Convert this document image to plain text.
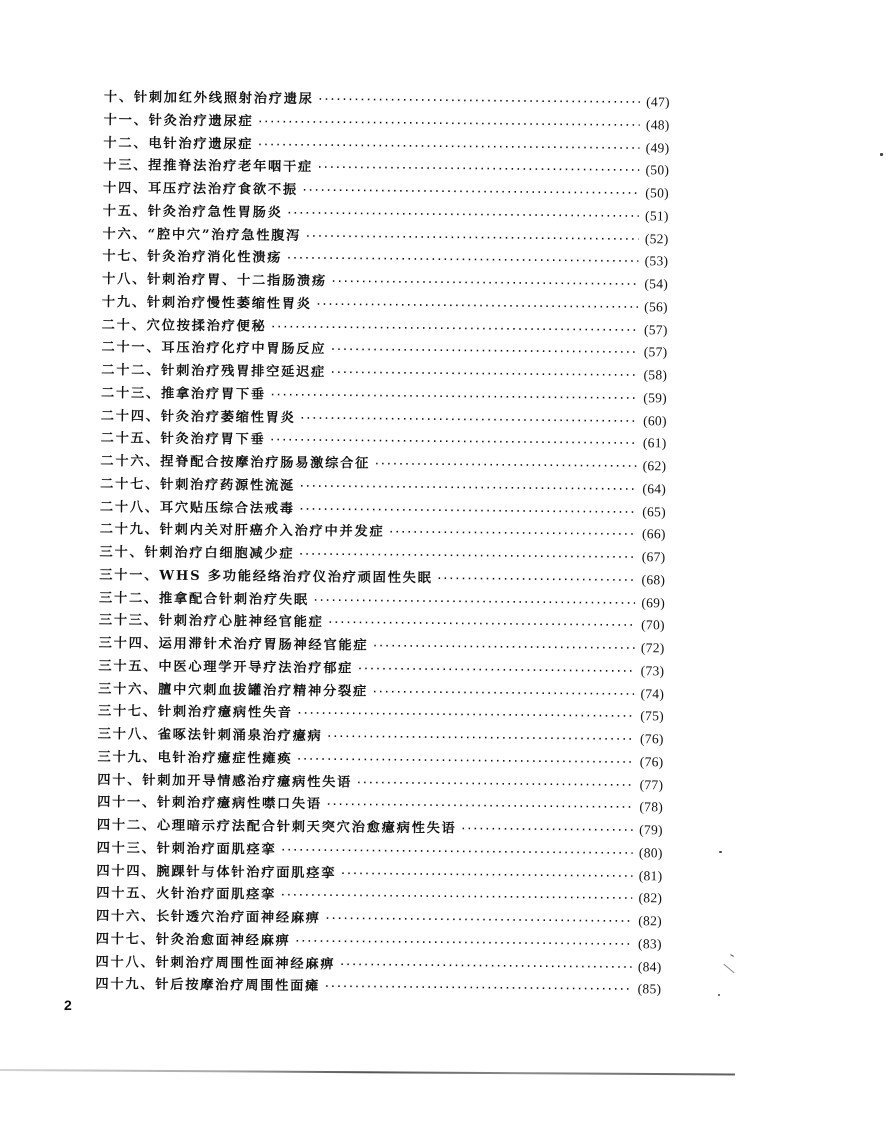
十、针刺加红外线照射治疗遗尿 ·····	(47)
十一、针灸治疗遗尿症 ·····	(48)
十二、电针治疗遗尿症 ·····	(49)
十三、捏推脊法治疗老年咽干症 ·····	(50)
十四、耳压疗法治疗食欲不振 ·····	(50)
十五、针灸治疗急性胃肠炎 ·····	(51)
十六、“腔中穴”治疗急性腹泻 ·····	(52)
十七、针灸治疗消化性溃疡 ·····	(53)
十八、针刺治疗胃、十二指肠溃疡 ·····	(54)
十九、针刺治疗慢性萎缩性胃炎 ·····	(56)
二十、穴位按揉治疗便秘 ·····	(57)
二十一、耳压治疗化疗中胃肠反应 ·····	(57)
二十二、针刺治疗残胃排空延迟症 ·····	(58)
二十三、推拿治疗胃下垂 ·····	(59)
二十四、针灸治疗萎缩性胃炎 ·····	(60)
二十五、针灸治疗胃下垂 ·····	(61)
二十六、捏脊配合按摩治疗肠易激综合征 ·····	(62)
二十七、针刺治疗药源性流涎 ·····	(64)
二十八、耳穴贴压综合法戒毒 ·····	(65)
二十九、针刺内关对肝癌介入治疗中并发症 ·····	(66)
三十、针刺治疗白细胞减少症 ·····	(67)
三十一、WHS 多功能经络治疗仪治疗顽固性失眠 ·····	(68)
三十二、推拿配合针刺治疗失眠 ·····	(69)
三十三、针刺治疗心脏神经官能症 ·····	(70)
三十四、运用滞针术治疗胃肠神经官能症 ·····	(72)
三十五、中医心理学开导疗法治疗郁症 ·····	(73)
三十六、膻中穴刺血拔罐治疗精神分裂症 ·····	(74)
三十七、针刺治疗癔病性失音 ·····	(75)
三十八、雀啄法针刺涌泉治疗癔病 ·····	(76)
三十九、电针治疗癔症性瘫痪 ·····	(76)
四十、针刺加开导情感治疗癔病性失语 ·····	(77)
四十一、针刺治疗癔病性噤口失语 ·····	(78)
四十二、心理暗示疗法配合针刺天突穴治愈癔病性失语 ·····	(79)
四十三、针刺治疗面肌痉挛 ·····	(80)
四十四、腕踝针与体针治疗面肌痉挛 ·····	(81)
四十五、火针治疗面肌痉挛 ·····	(82)
四十六、长针透穴治疗面神经麻痹 ·····	(82)
四十七、针灸治愈面神经麻痹 ·····	(83)
四十八、针刺治疗周围性面神经麻痹 ·····	(84)
四十九、针后按摩治疗周围性面瘫 ·····	(85)
2
